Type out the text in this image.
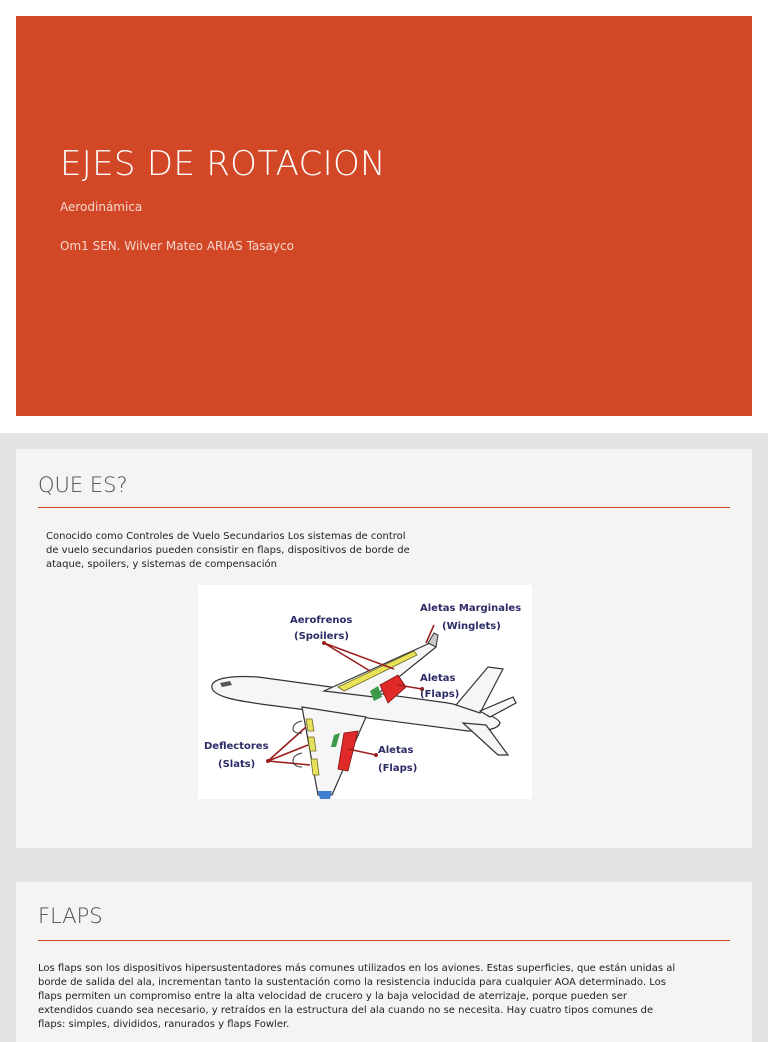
EJES DE ROTACION

Aerodinámica

Om1 SEN. Wilver Mateo ARIAS Tasayco

QUE ES?

Conocido como Controles de Vuelo Secundarios Los sistemas de control de vuelo secundarios pueden consistir en flaps, dispositivos de borde de ataque, spoilers, y sistemas de compensación

Aerofrenos
(Spoilers)
Aletas Marginales
(Winglets)
Aletas
(Flaps)
Deflectores
(Slats)
Aletas
(Flaps)
FLAPS

Los flaps son los dispositivos hipersustentadores más comunes utilizados en los aviones. Estas superficies, que están unidas al borde de salida del ala, incrementan tanto la sustentación como la resistencia inducida para cualquier AOA determinado. Los flaps permiten un compromiso entre la alta velocidad de crucero y la baja velocidad de aterrizaje, porque pueden ser extendidos cuando sea necesario, y retraídos en la estructura del ala cuando no se necesita. Hay cuatro tipos comunes de flaps: simples, divididos, ranurados y flaps Fowler.
